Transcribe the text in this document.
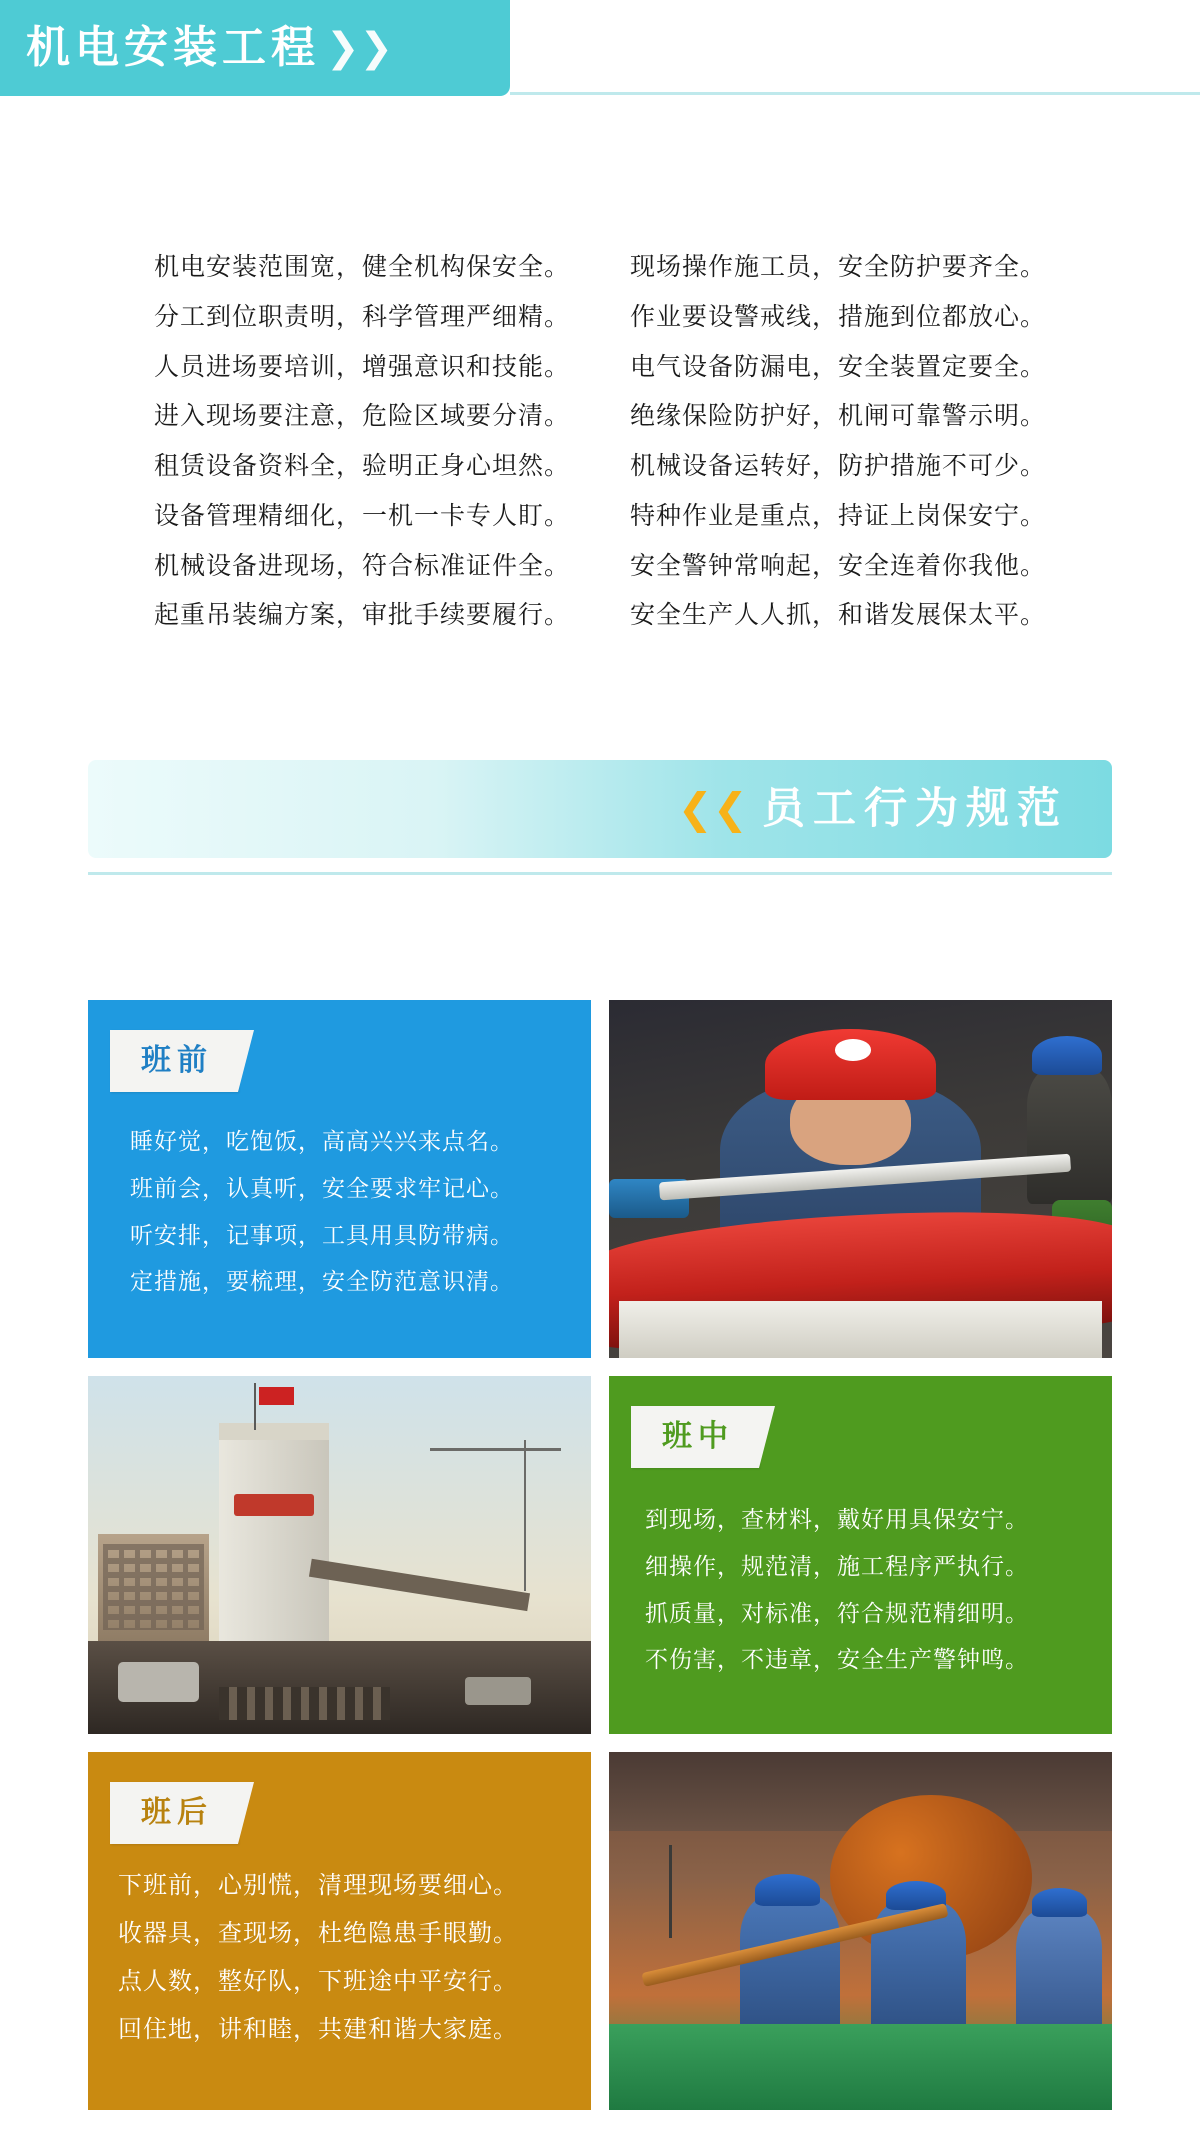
机电安装工程 ❯❯
机电安装范围宽，健全机构保安全。
分工到位职责明，科学管理严细精。
人员进场要培训，增强意识和技能。
进入现场要注意，危险区域要分清。
租赁设备资料全，验明正身心坦然。
设备管理精细化，一机一卡专人盯。
机械设备进现场，符合标准证件全。
起重吊装编方案，审批手续要履行。
现场操作施工员，安全防护要齐全。
作业要设警戒线，措施到位都放心。
电气设备防漏电，安全装置定要全。
绝缘保险防护好，机闸可靠警示明。
机械设备运转好，防护措施不可少。
特种作业是重点，持证上岗保安宁。
安全警钟常响起，安全连着你我他。
安全生产人人抓，和谐发展保太平。
❮❮ 员工行为规范
班前
睡好觉，吃饱饭，高高兴兴来点名。
班前会，认真听，安全要求牢记心。
听安排，记事项，工具用具防带病。
定措施，要梳理，安全防范意识清。
班中
到现场，查材料，戴好用具保安宁。
细操作，规范清，施工程序严执行。
抓质量，对标准，符合规范精细明。
不伤害，不违章，安全生产警钟鸣。
班后
下班前，心别慌，清理现场要细心。
收器具，查现场，杜绝隐患手眼勤。
点人数，整好队，下班途中平安行。
回住地，讲和睦，共建和谐大家庭。
